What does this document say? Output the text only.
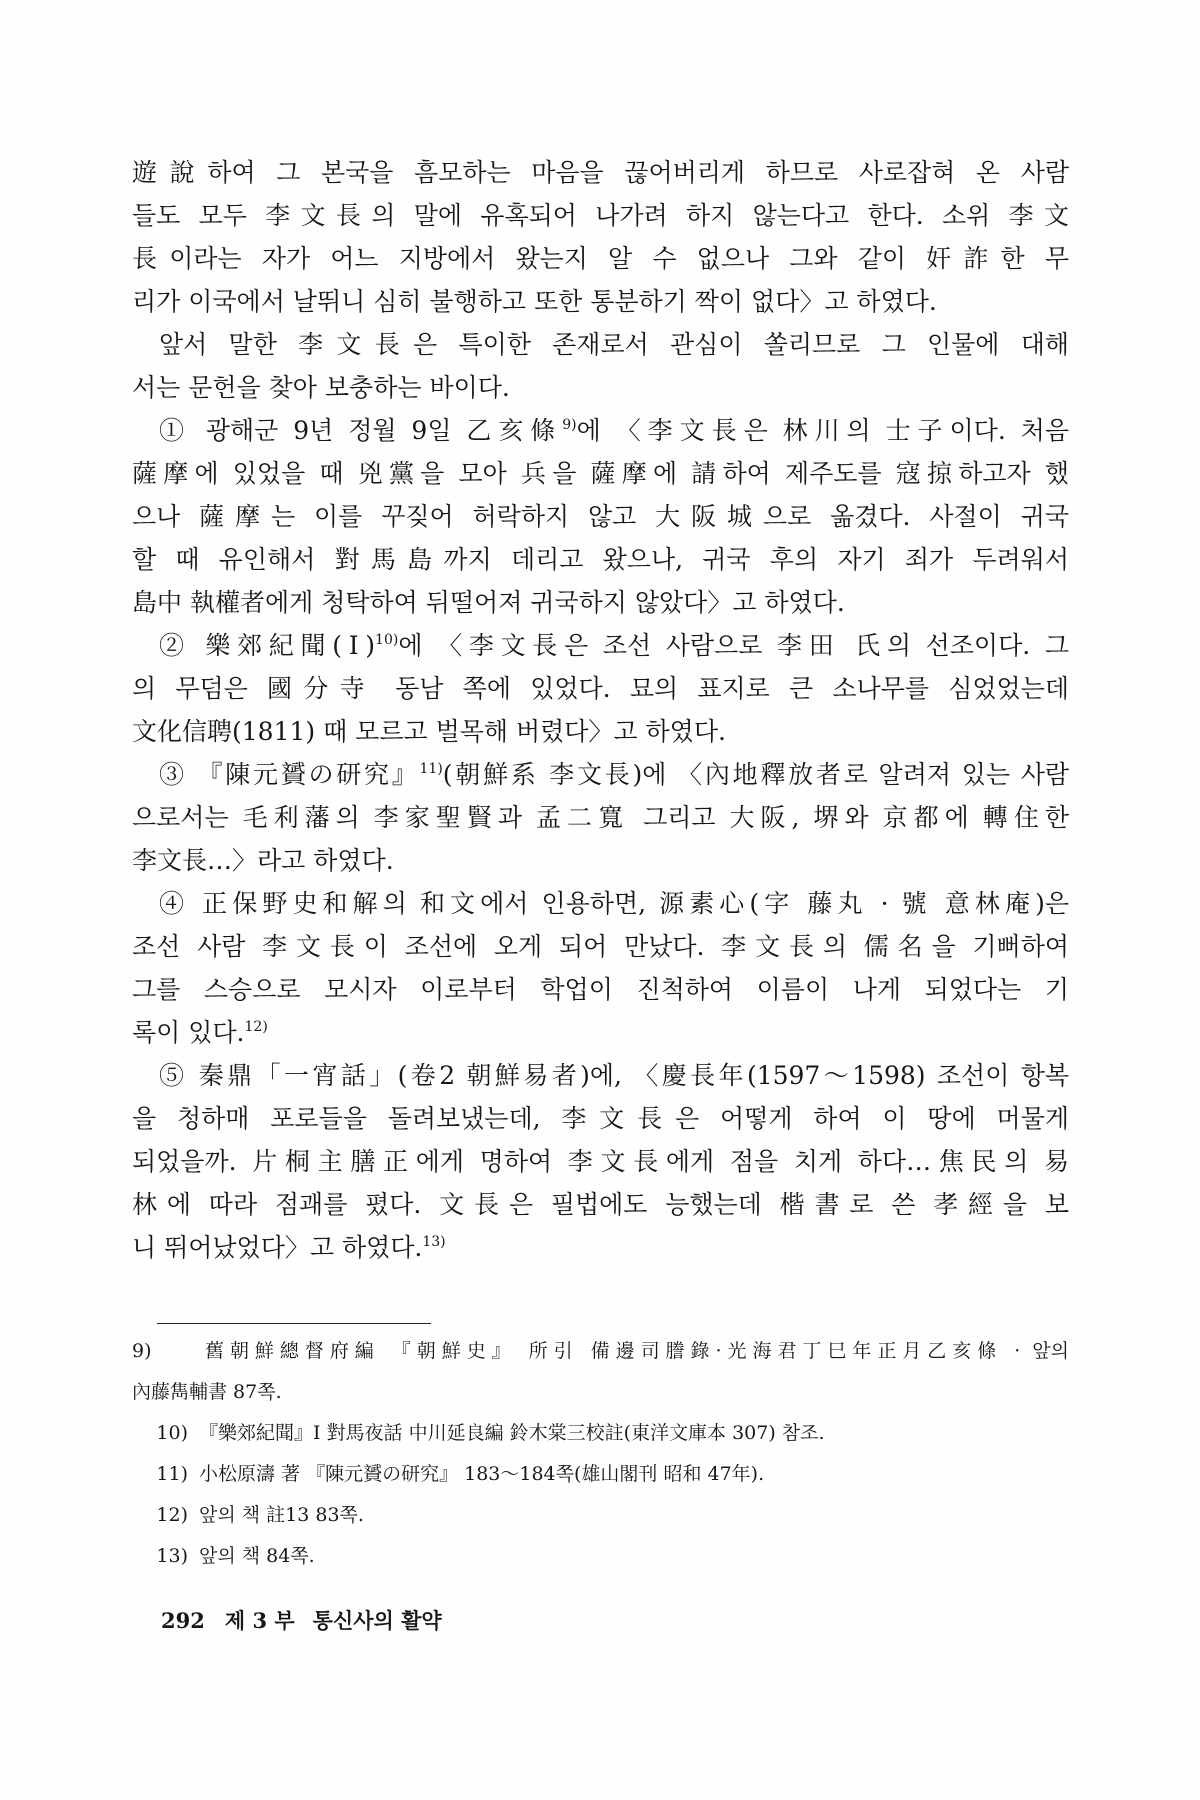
遊說하여 그 본국을 흠모하는 마음을 끊어버리게 하므로 사로잡혀 온 사람
들도 모두 李文長의 말에 유혹되어 나가려 하지 않는다고 한다. 소위 李文
長이라는 자가 어느 지방에서 왔는지 알 수 없으나 그와 같이 奸詐한 무
리가 이국에서 날뛰니 심히 불행하고 또한 통분하기 짝이 없다〉고 하였다.
앞서 말한 李文長은 특이한 존재로서 관심이 쏠리므로 그 인물에 대해
서는 문헌을 찾아 보충하는 바이다.
① 광해군 9년 정월 9일 乙亥條$^{9)}$에 〈李文長은 林川의 士子이다. 처음
薩摩에 있었을 때 兇黨을 모아 兵을 薩摩에 請하여 제주도를 寇掠하고자 했
으나 薩摩는 이를 꾸짖어 허락하지 않고 大阪城으로 옮겼다. 사절이 귀국
할 때 유인해서 對馬島까지 데리고 왔으나, 귀국 후의 자기 죄가 두려워서
島中 執權者에게 청탁하여 뒤떨어져 귀국하지 않았다〉고 하였다.
② 樂郊紀聞(Ⅰ)$^{10)}$에 〈李文長은 조선 사람으로 李田 氏의 선조이다. 그
의 무덤은 國分寺 동남 쪽에 있었다. 묘의 표지로 큰 소나무를 심었었는데
文化信聘(1811) 때 모르고 벌목해 버렸다〉고 하였다.
③ 『陳元贇の研究』$^{11)}$(朝鮮系 李文長)에 〈內地釋放者로 알려져 있는 사람
으로서는 毛利藩의 李家聖賢과 孟二寬 그리고 大阪, 堺와 京都에 轉住한
李文長…〉라고 하였다.
④ 正保野史和解의 和文에서 인용하면, 源素心(字 藤丸 · 號 意林庵)은
조선 사람 李文長이 조선에 오게 되어 만났다. 李文長의 儒名을 기뻐하여
그를 스승으로 모시자 이로부터 학업이 진척하여 이름이 나게 되었다는 기
록이 있다.$^{12)}$
⑤ 秦鼎「一宵話」(卷2 朝鮮易者)에, 〈慶長年(1597～1598) 조선이 항복
을 청하매 포로들을 돌려보냈는데, 李文長은 어떻게 하여 이 땅에 머물게
되었을까. 片桐主膳正에게 명하여 李文長에게 점을 치게 하다…焦民의 易
林에 따라 점괘를 폈다. 文長은 필법에도 능했는데 楷書로 쓴 孝經을 보
니 뛰어났었다〉고 하였다.$^{13)}$
9) 舊朝鮮總督府編 『朝鮮史』 所引 備邊司謄錄·光海君丁巳年正月乙亥條 · 앞의
內藤雋輔書 87쪽.
10) 『樂郊紀聞』Ⅰ 對馬夜話 中川延良編 鈴木棠三校註(東洋文庫本 307) 참조.
11) 小松原濤 著 『陳元贇の研究』 183～184쪽(雄山閣刊 昭和 47年).
12) 앞의 책 註13 83쪽.
13) 앞의 책 84쪽.
292 제 3 부 통신사의 활약
